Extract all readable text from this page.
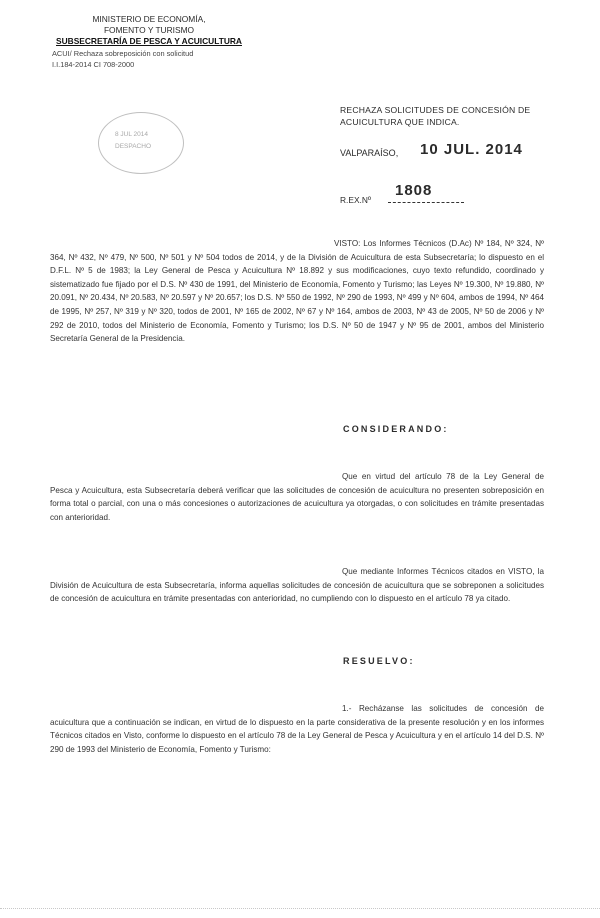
MINISTERIO DE ECONOMÍA,
FOMENTO Y TURISMO
SUBSECRETARÍA DE PESCA Y ACUICULTURA
ACUI/ Rechaza sobreposición con solicitud
I.I.184-2014 CI 708-2000
8 JUL 2014
DESPACHO
RECHAZA SOLICITUDES DE CONCESIÓN DE ACUICULTURA QUE INDICA.
VALPARAÍSO, 10 JUL. 2014
R.EX.Nº
1808

VISTO: Los Informes Técnicos (D.Ac) Nº 184, Nº 324, Nº 364, Nº 432, Nº 479, Nº 500, Nº 501 y Nº 504 todos de 2014, y de la División de Acuicultura de esta Subsecretaría; lo dispuesto en el D.F.L. Nº 5 de 1983; la Ley General de Pesca y Acuicultura Nº 18.892 y sus modificaciones, cuyo texto refundido, coordinado y sistematizado fue fijado por el D.S. Nº 430 de 1991, del Ministerio de Economía, Fomento y Turismo; las Leyes Nº 19.300, Nº 19.880, Nº 20.091, Nº 20.434, Nº 20.583, Nº 20.597 y Nº 20.657; los D.S. Nº 550 de 1992, Nº 290 de 1993, Nº 499 y Nº 604, ambos de 1994, Nº 464 de 1995, Nº 257, Nº 319 y Nº 320, todos de 2001, Nº 165 de 2002, Nº 67 y Nº 164, ambos de 2003, Nº 43 de 2005, Nº 50 de 2006 y Nº 292 de 2010, todos del Ministerio de Economía, Fomento y Turismo; los D.S. Nº 50 de 1947 y Nº 95 de 2001, ambos del Ministerio Secretaría General de la Presidencia.

CONSIDERANDO:

Que en virtud del artículo 78 de la Ley General de Pesca y Acuicultura, esta Subsecretaría deberá verificar que las solicitudes de concesión de acuicultura no presenten sobreposición en forma total o parcial, con una o más concesiones o autorizaciones de acuicultura ya otorgadas, o con solicitudes en trámite presentadas con anterioridad.

Que mediante Informes Técnicos citados en VISTO, la División de Acuicultura de esta Subsecretaría, informa aquellas solicitudes de concesión de acuicultura que se sobreponen a solicitudes de concesión de acuicultura en trámite presentadas con anterioridad, no cumpliendo con lo dispuesto en el artículo 78 ya citado.

RESUELVO:

1.- Recházanse las solicitudes de concesión de acuicultura que a continuación se indican, en virtud de lo dispuesto en la parte considerativa de la presente resolución y en los informes Técnicos citados en Visto, conforme lo dispuesto en el artículo 78 de la Ley General de Pesca y Acuicultura y en el artículo 14 del D.S. Nº 290 de 1993 del Ministerio de Economía, Fomento y Turismo:
